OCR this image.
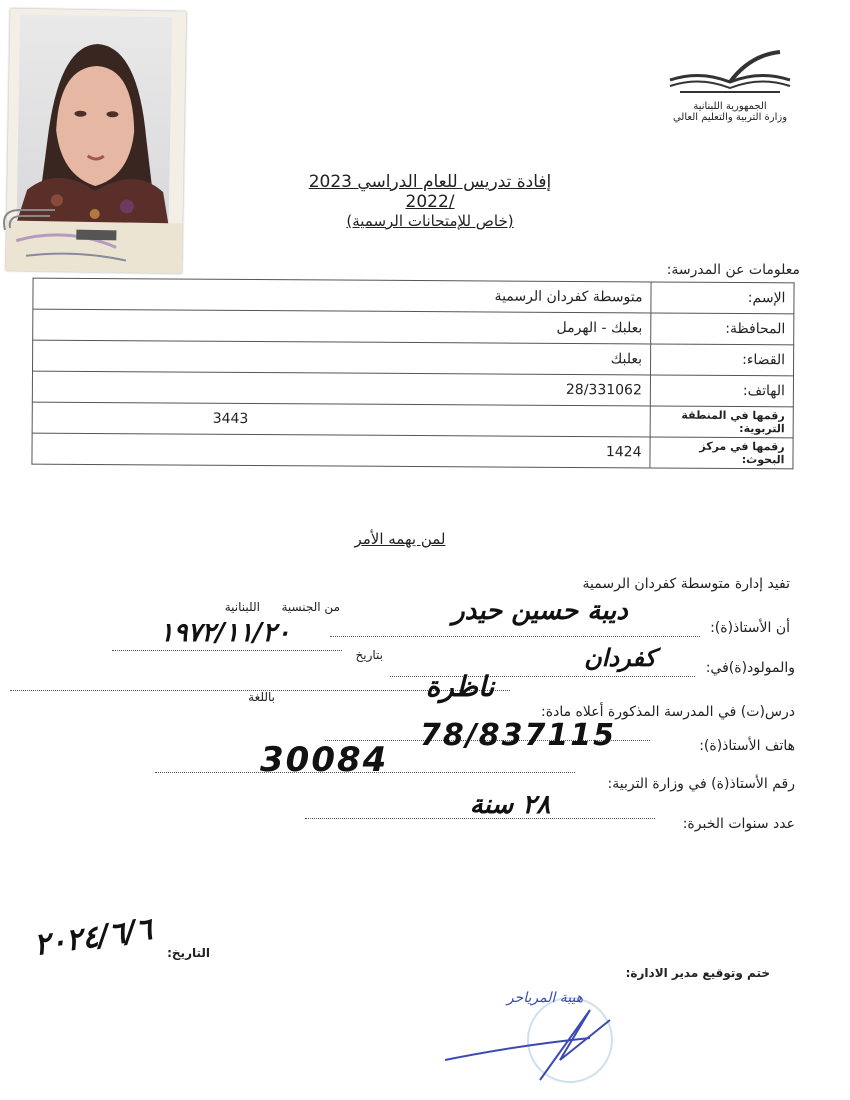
الجمهورية اللبنانية
وزارة التربية والتعليم العالي
إفادة تدريس للعام الدراسي 2023 /2022
(خاص للإمتحانات الرسمية)
معلومات عن المدرسة:
الإسم:	متوسطة كفردان الرسمية
المحافظة:	بعلبك - الهرمل
القضاء:	بعلبك
الهاتف:	28/331062
رقمها في المنطقة التربوية:	3443
رقمها في مركز البحوث:	1424
لمن يهمه الأمر
تفيد إدارة متوسطة كفردان الرسمية
أن الأستاذ(ة):
ديبة حسين حيدر
من الجنسية
اللبنانية
والمولود(ة)في:
كفردان
بتاريخ
١٩٧٢/١١/٢٠
درس(ت) في المدرسة المذكورة أعلاه مادة:
ناظرة
باللغة
هاتف الأستاذ(ة):
78/837115
رقم الأستاذ(ة) في وزارة التربية:
30084
عدد سنوات الخبرة:
٢٨ سنة
التاريخ:
٢٠٢٤/٦/٦
ختم وتوقيع مدير الادارة:
هيبة المرياحر
